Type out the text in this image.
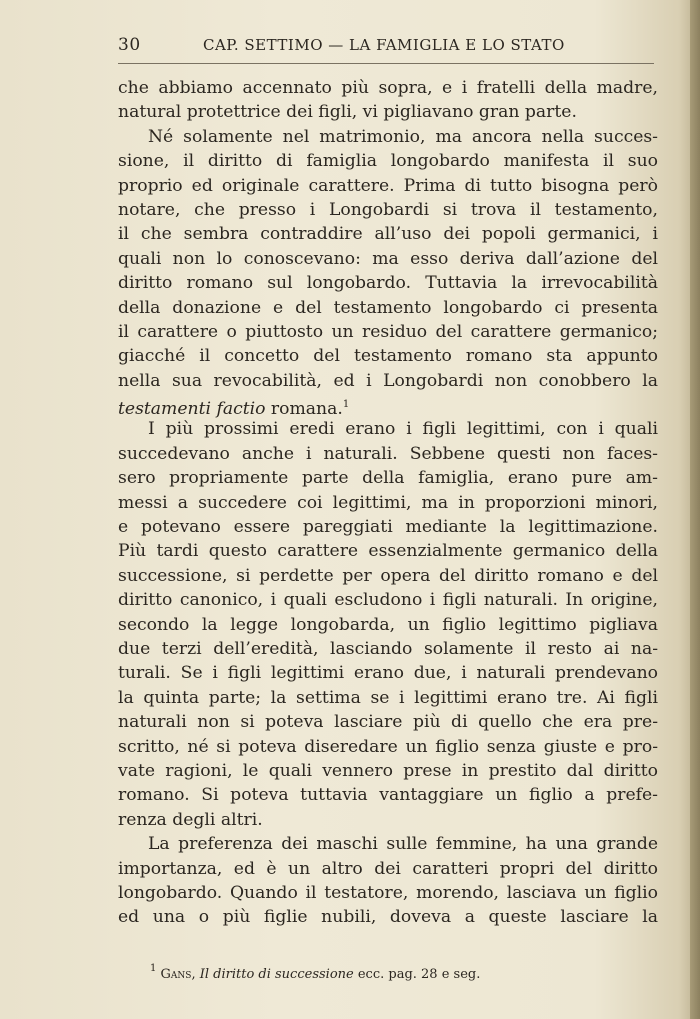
30	CAP. SETTIMO — LA FAMIGLIA E LO STATO
che abbiamo accennato più sopra, e i fratelli della madre,
natural protettrice dei figli, vi pigliavano gran parte.
Né solamente nel matrimonio, ma ancora nella succes-
sione, il diritto di famiglia longobardo manifesta il suo
proprio ed originale carattere. Prima di tutto bisogna però
notare, che presso i Longobardi si trova il testamento,
il che sembra contraddire all’uso dei popoli germanici, i
quali non lo conoscevano: ma esso deriva dall’azione del
diritto romano sul longobardo. Tuttavia la irrevocabilità
della donazione e del testamento longobardo ci presenta
il carattere o piuttosto un residuo del carattere germanico;
giacché il concetto del testamento romano sta appunto
nella sua revocabilità, ed i Longobardi non conobbero la
testamenti factio romana.$^1$
I più prossimi eredi erano i figli legittimi, con i quali
succedevano anche i naturali. Sebbene questi non faces-
sero propriamente parte della famiglia, erano pure am-
messi a succedere coi legittimi, ma in proporzioni minori,
e potevano essere pareggiati mediante la legittimazione.
Più tardi questo carattere essenzialmente germanico della
successione, si perdette per opera del diritto romano e del
diritto canonico, i quali escludono i figli naturali. In origine,
secondo la legge longobarda, un figlio legittimo pigliava
due terzi dell’eredità, lasciando solamente il resto ai na-
turali. Se i figli legittimi erano due, i naturali prendevano
la quinta parte; la settima se i legittimi erano tre. Ai figli
naturali non si poteva lasciare più di quello che era pre-
scritto, né si poteva diseredare un figlio senza giuste e pro-
vate ragioni, le quali vennero prese in prestito dal diritto
romano. Si poteva tuttavia vantaggiare un figlio a prefe-
renza degli altri.
La preferenza dei maschi sulle femmine, ha una grande
importanza, ed è un altro dei caratteri propri del diritto
longobardo. Quando il testatore, morendo, lasciava un figlio
ed una o più figlie nubili, doveva a queste lasciare la
$^1$ Gans, Il diritto di successione ecc. pag. 28 e seg.
